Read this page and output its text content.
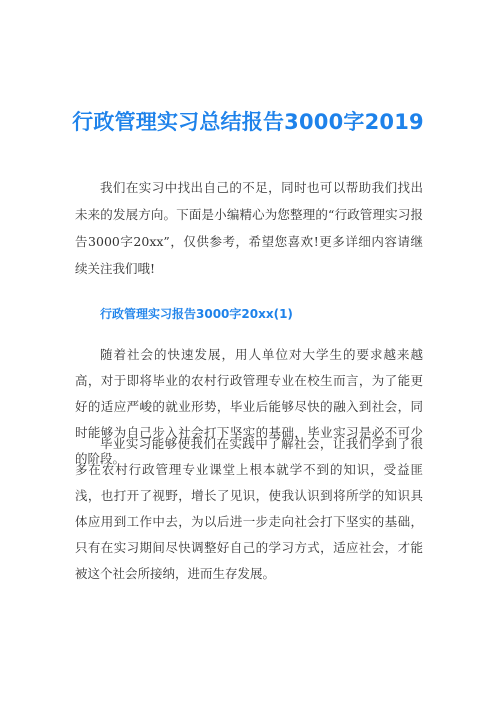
行政管理实习总结报告3000字2019

我们在实习中找出自己的不足，同时也可以帮助我们找出未来的发展方向。下面是小编精心为您整理的“行政管理实习报告3000字20xx”，仅供参考，希望您喜欢!更多详细内容请继续关注我们哦!

行政管理实习报告3000字20xx(1)

随着社会的快速发展，用人单位对大学生的要求越来越高，对于即将毕业的农村行政管理专业在校生而言，为了能更好的适应严峻的就业形势，毕业后能够尽快的融入到社会，同时能够为自己步入社会打下坚实的基础，毕业实习是必不可少的阶段。

毕业实习能够使我们在实践中了解社会，让我们学到了很多在农村行政管理专业课堂上根本就学不到的知识，受益匪浅，也打开了视野，增长了见识，使我认识到将所学的知识具体应用到工作中去，为以后进一步走向社会打下坚实的基础，只有在实习期间尽快调整好自己的学习方式，适应社会，才能被这个社会所接纳，进而生存发展。
